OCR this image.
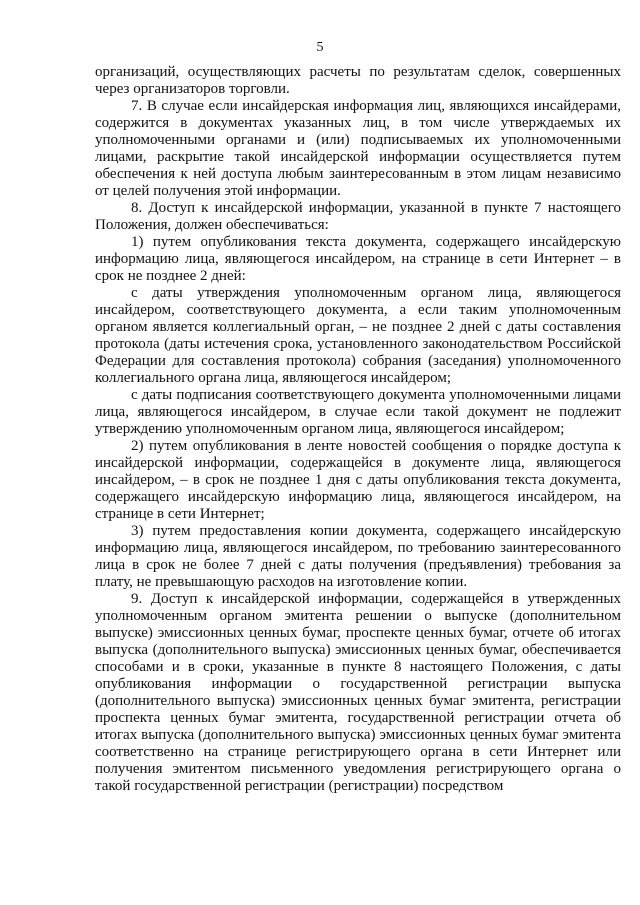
5

организаций, осуществляющих расчеты по результатам сделок, совершенных через организаторов торговли.

7. В случае если инсайдерская информация лиц, являющихся инсайдерами, содержится в документах указанных лиц, в том числе утверждаемых их уполномоченными органами и (или) подписываемых их уполномоченными лицами, раскрытие такой инсайдерской информации осуществляется путем обеспечения к ней доступа любым заинтересованным в этом лицам независимо от целей получения этой информации.

8. Доступ к инсайдерской информации, указанной в пункте 7 настоящего Положения, должен обеспечиваться:

1) путем опубликования текста документа, содержащего инсайдерскую информацию лица, являющегося инсайдером, на странице в сети Интернет – в срок не позднее 2 дней:

с даты утверждения уполномоченным органом лица, являющегося инсайдером, соответствующего документа, а если таким уполномоченным органом является коллегиальный орган, – не позднее 2 дней с даты составления протокола (даты истечения срока, установленного законодательством Российской Федерации для составления протокола) собрания (заседания) уполномоченного коллегиального органа лица, являющегося инсайдером;

с даты подписания соответствующего документа уполномоченными лицами лица, являющегося инсайдером, в случае если такой документ не подлежит утверждению уполномоченным органом лица, являющегося инсайдером;

2) путем опубликования в ленте новостей сообщения о порядке доступа к инсайдерской информации, содержащейся в документе лица, являющегося инсайдером, – в срок не позднее 1 дня с даты опубликования текста документа, содержащего инсайдерскую информацию лица, являющегося инсайдером, на странице в сети Интернет;

3) путем предоставления копии документа, содержащего инсайдерскую информацию лица, являющегося инсайдером, по требованию заинтересованного лица в срок не более 7 дней с даты получения (предъявления) требования за плату, не превышающую расходов на изготовление копии.

9. Доступ к инсайдерской информации, содержащейся в утвержденных уполномоченным органом эмитента решении о выпуске (дополнительном выпуске) эмиссионных ценных бумаг, проспекте ценных бумаг, отчете об итогах выпуска (дополнительного выпуска) эмиссионных ценных бумаг, обеспечивается способами и в сроки, указанные в пункте 8 настоящего Положения, с даты опубликования информации о государственной регистрации выпуска (дополнительного выпуска) эмиссионных ценных бумаг эмитента, регистрации проспекта ценных бумаг эмитента, государственной регистрации отчета об итогах выпуска (дополнительного выпуска) эмиссионных ценных бумаг эмитента соответственно на странице регистрирующего органа в сети Интернет или получения эмитентом письменного уведомления регистрирующего органа о такой государственной регистрации (регистрации) посредством
